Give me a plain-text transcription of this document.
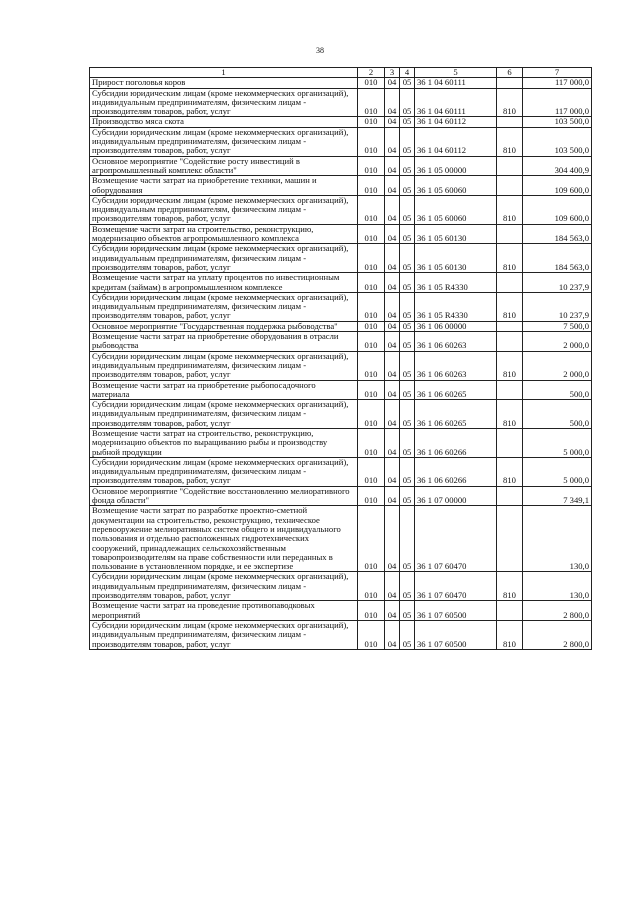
38
1	2	3	4	5	6	7
Прирост поголовья коров	010	04	05	36 1 04 60111		117 000,0
Субсидии юридическим лицам (кроме некоммерческих организаций), индивидуальным предпринимателям, физическим лицам - производителям товаров, работ, услуг	010	04	05	36 1 04 60111	810	117 000,0
Производство мяса скота	010	04	05	36 1 04 60112		103 500,0
Субсидии юридическим лицам (кроме некоммерческих организаций), индивидуальным предпринимателям, физическим лицам - производителям товаров, работ, услуг	010	04	05	36 1 04 60112	810	103 500,0
Основное мероприятие "Содействие росту инвестиций в агропромышленный комплекс области"	010	04	05	36 1 05 00000		304 400,9
Возмещение части затрат на приобретение техники, машин и оборудования	010	04	05	36 1 05 60060		109 600,0
Субсидии юридическим лицам (кроме некоммерческих организаций), индивидуальным предпринимателям, физическим лицам - производителям товаров, работ, услуг	010	04	05	36 1 05 60060	810	109 600,0
Возмещение части затрат на строительство, реконструкцию, модернизацию объектов агропромышленного комплекса	010	04	05	36 1 05 60130		184 563,0
Субсидии юридическим лицам (кроме некоммерческих организаций), индивидуальным предпринимателям, физическим лицам - производителям товаров, работ, услуг	010	04	05	36 1 05 60130	810	184 563,0
Возмещение части затрат на уплату процентов по инвестиционным кредитам (займам) в агропромышленном комплексе	010	04	05	36 1 05 R4330		10 237,9
Субсидии юридическим лицам (кроме некоммерческих организаций), индивидуальным предпринимателям, физическим лицам - производителям товаров, работ, услуг	010	04	05	36 1 05 R4330	810	10 237,9
Основное мероприятие "Государственная поддержка рыбоводства"	010	04	05	36 1 06 00000		7 500,0
Возмещение части затрат на приобретение оборудования в отрасли рыбоводства	010	04	05	36 1 06 60263		2 000,0
Субсидии юридическим лицам (кроме некоммерческих организаций), индивидуальным предпринимателям, физическим лицам - производителям товаров, работ, услуг	010	04	05	36 1 06 60263	810	2 000,0
Возмещение части затрат на приобретение рыбопосадочного материала	010	04	05	36 1 06 60265		500,0
Субсидии юридическим лицам (кроме некоммерческих организаций), индивидуальным предпринимателям, физическим лицам - производителям товаров, работ, услуг	010	04	05	36 1 06 60265	810	500,0
Возмещение части затрат на строительство, реконструкцию, модернизацию объектов по выращиванию рыбы и производству рыбной продукции	010	04	05	36 1 06 60266		5 000,0
Субсидии юридическим лицам (кроме некоммерческих организаций), индивидуальным предпринимателям, физическим лицам - производителям товаров, работ, услуг	010	04	05	36 1 06 60266	810	5 000,0
Основное мероприятие "Содействие восстановлению мелиоративного фонда области"	010	04	05	36 1 07 00000		7 349,1
Возмещение части затрат по разработке проектно-сметной документации на строительство, реконструкцию, техническое перевооружение мелиоративных систем общего и индивидуального пользования и отдельно расположенных гидротехнических сооружений, принадлежащих сельскохозяйственным товаропроизводителям на праве собственности или переданных в пользование в установленном порядке, и ее экспертизе	010	04	05	36 1 07 60470		130,0
Субсидии юридическим лицам (кроме некоммерческих организаций), индивидуальным предпринимателям, физическим лицам - производителям товаров, работ, услуг	010	04	05	36 1 07 60470	810	130,0
Возмещение части затрат на проведение противопаводковых мероприятий	010	04	05	36 1 07 60500		2 800,0
Субсидии юридическим лицам (кроме некоммерческих организаций), индивидуальным предпринимателям, физическим лицам - производителям товаров, работ, услуг	010	04	05	36 1 07 60500	810	2 800,0
